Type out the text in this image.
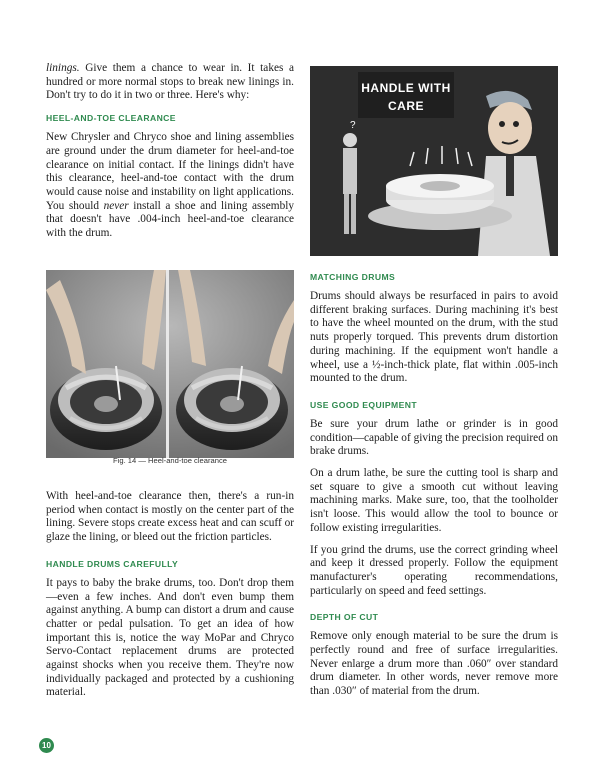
linings. Give them a chance to wear in. It takes a hundred or more normal stops to break new linings in. Don't try to do it in two or three. Here's why:

HEEL-AND-TOE CLEARANCE

New Chrysler and Chryco shoe and lining assemblies are ground under the drum diameter for heel-and-toe clearance on initial contact. If the linings didn't have this clearance, heel-and-toe contact with the drum would cause noise and instability on light applications. You should never install a shoe and lining assembly that doesn't have .004-inch heel-and-toe clearance with the drum.

Fig. 14 — Heel-and-toe clearance

With heel-and-toe clearance then, there's a run-in period when contact is mostly on the center part of the lining. Severe stops create excess heat and can scuff or glaze the lining, or bleed out the friction particles.

HANDLE DRUMS CAREFULLY

It pays to baby the brake drums, too. Don't drop them—even a few inches. And don't even bump them against anything. A bump can distort a drum and cause chatter or pedal pulsation. To get an idea of how important this is, notice the way MoPar and Chryco Servo-Contact replacement drums are protected against shocks when you receive them. They're now individually packaged and protected by a cushioning material.

HANDLE WITH
CARE
?
MATCHING DRUMS

Drums should always be resurfaced in pairs to avoid different braking surfaces. During machining it's best to have the wheel mounted on the drum, with the stud nuts properly torqued. This prevents drum distortion during machining. If the equipment won't handle a wheel, use a ½-inch-thick plate, flat within .005-inch mounted to the drum.

USE GOOD EQUIPMENT

Be sure your drum lathe or grinder is in good condition—capable of giving the precision required on brake drums.

On a drum lathe, be sure the cutting tool is sharp and set square to give a smooth cut without leaving machining marks. Make sure, too, that the toolholder isn't loose. This would allow the tool to bounce or follow existing irregularities.

If you grind the drums, use the correct grinding wheel and keep it dressed properly. Follow the equipment manufacturer's operating recommendations, particularly on speed and feed settings.

DEPTH OF CUT

Remove only enough material to be sure the drum is perfectly round and free of surface irregularities. Never enlarge a drum more than .060″ over standard drum diameter. In other words, never remove more than .030″ of material from the drum.

10
